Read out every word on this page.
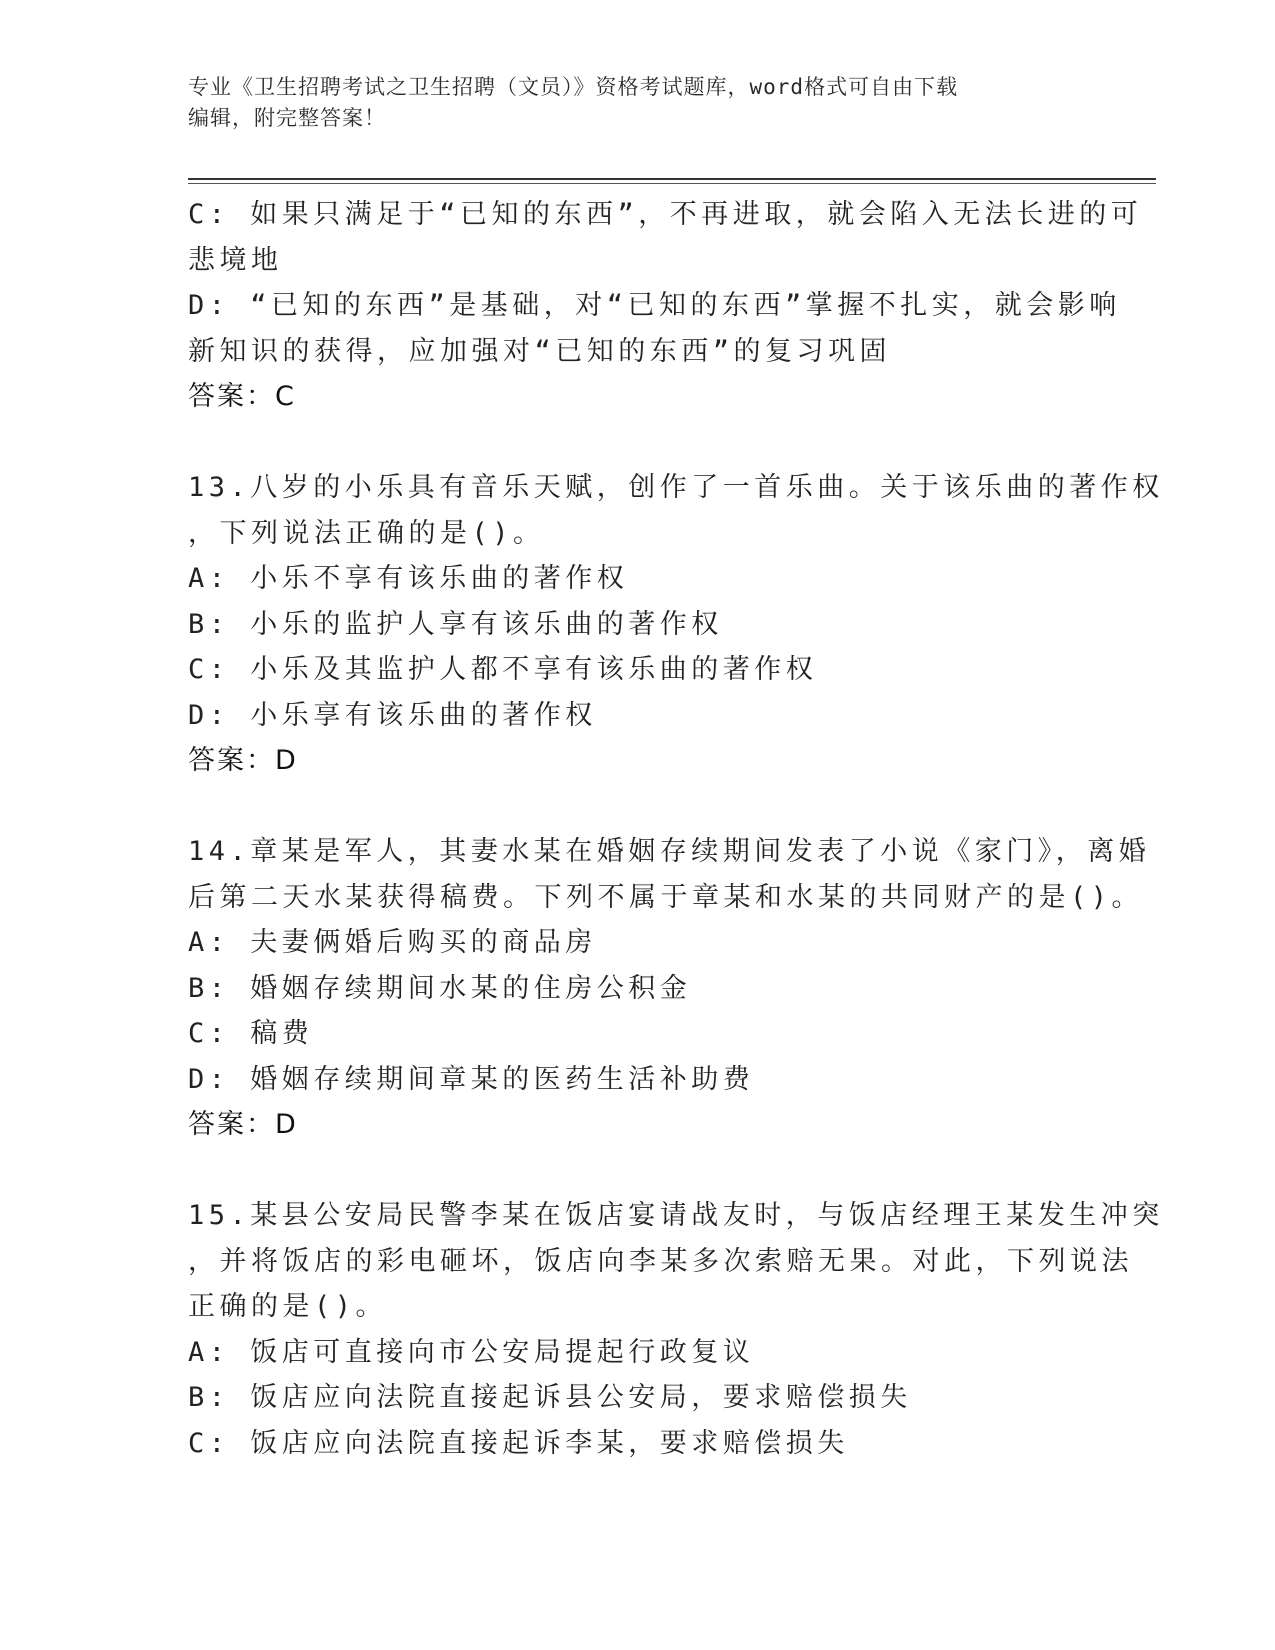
专业《卫生招聘考试之卫生招聘（文员）》资格考试题库，word格式可自由下载
编辑，附完整答案！
C: 如果只满足于“已知的东西”，不再进取，就会陷入无法长进的可
悲境地
D: “已知的东西”是基础，对“已知的东西”掌握不扎实，就会影响
新知识的获得，应加强对“已知的东西”的复习巩固
答案：C
13.八岁的小乐具有音乐天赋，创作了一首乐曲。关于该乐曲的著作权
，下列说法正确的是()。
A: 小乐不享有该乐曲的著作权
B: 小乐的监护人享有该乐曲的著作权
C: 小乐及其监护人都不享有该乐曲的著作权
D: 小乐享有该乐曲的著作权
答案：D
14.章某是军人，其妻水某在婚姻存续期间发表了小说《家门》，离婚
后第二天水某获得稿费。下列不属于章某和水某的共同财产的是()。
A: 夫妻俩婚后购买的商品房
B: 婚姻存续期间水某的住房公积金
C: 稿费
D: 婚姻存续期间章某的医药生活补助费
答案：D
15.某县公安局民警李某在饭店宴请战友时，与饭店经理王某发生冲突
，并将饭店的彩电砸坏，饭店向李某多次索赔无果。对此，下列说法
正确的是()。
A: 饭店可直接向市公安局提起行政复议
B: 饭店应向法院直接起诉县公安局，要求赔偿损失
C: 饭店应向法院直接起诉李某，要求赔偿损失
